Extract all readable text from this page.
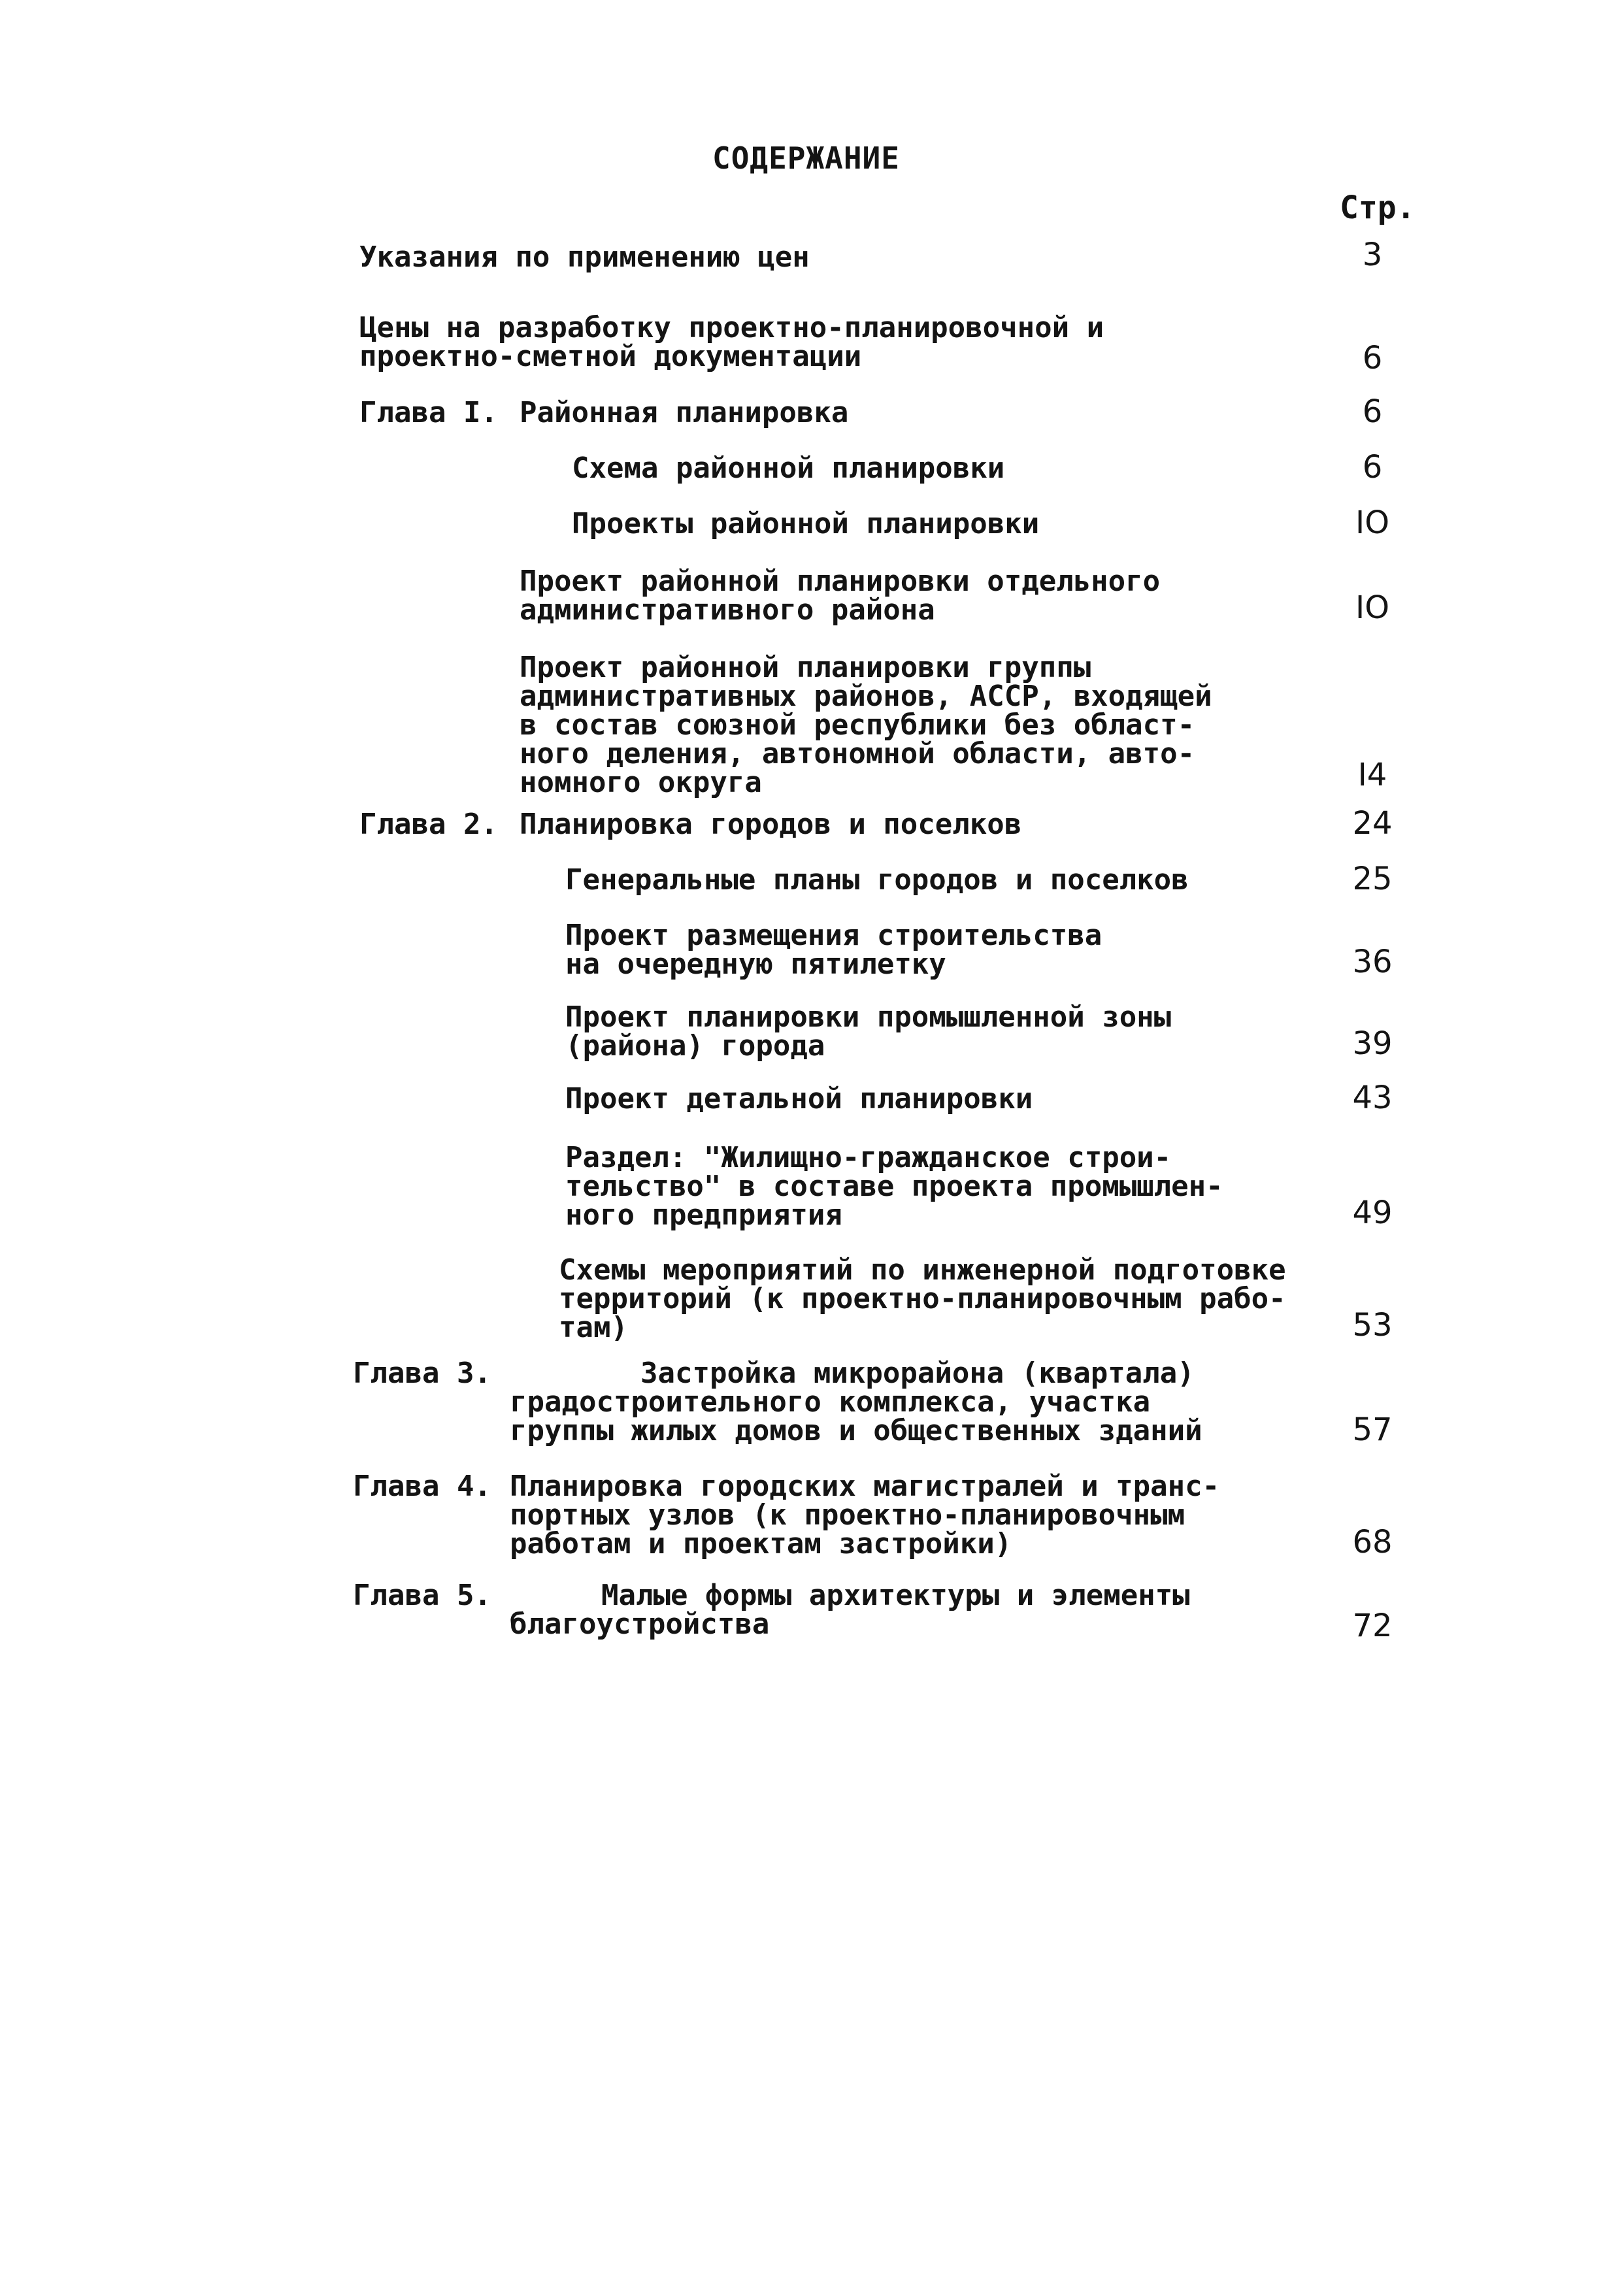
СОДЕРЖАНИЕ
Стр.
Указания по применению цен	3
Цены на разработку проектно-планировочной и
проектно-сметной документации	6
Глава I. Районная планировка	6
Схема районной планировки	6
Проекты районной планировки	IO
Проект районной планировки отдельного
административного района	IO
Проект районной планировки группы
административных районов, АССР, входящей
в состав союзной республики без област-
ного деления, автономной области, авто-
номного округа	I4
Глава 2. Планировка городов и поселков	24
Генеральные планы городов и поселков	25
Проект размещения строительства
на очередную пятилетку	36
Проект планировки промышленной зоны
(района) города	39
Проект детальной планировки	43
Раздел: "Жилищно-гражданское строи-
тельство" в составе проекта промышлен-
ного предприятия	49
Схемы мероприятий по инженерной подготовке
территорий (к проектно-планировочным рабо-
там)	53
Глава 3.	Застройка микрорайона (квартала)
градостроительного комплекса, участка
группы жилых домов и общественных зданий	57
Глава 4. Планировка городских магистралей и транс-
портных узлов (к проектно-планировочным
работам и проектам застройки)	68
Глава 5.	Малые формы архитектуры и элементы
благоустройства	72
